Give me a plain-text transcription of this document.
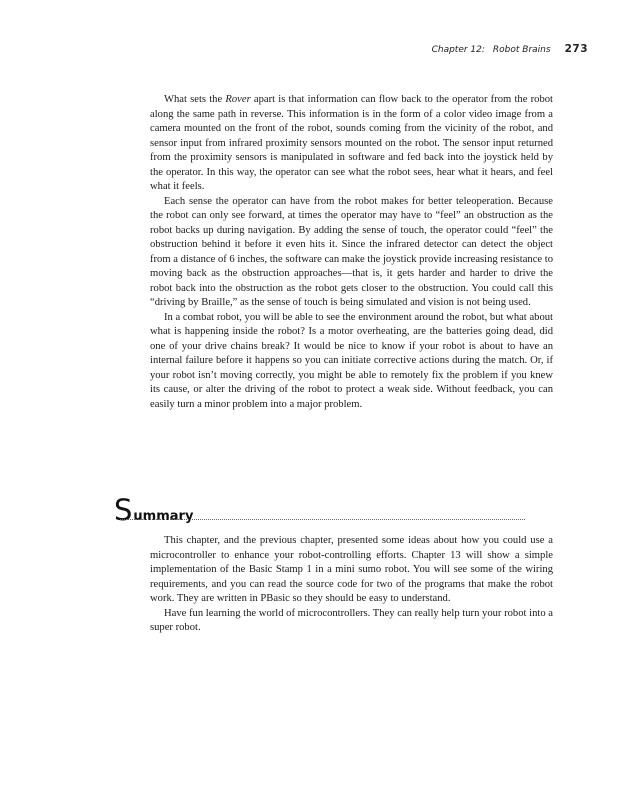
Chapter 12: Robot Brains 273

What sets the Rover apart is that information can flow back to the operator from the robot along the same path in reverse. This information is in the form of a color video image from a camera mounted on the front of the robot, sounds coming from the vicinity of the robot, and sensor input from infrared proximity sensors mounted on the robot. The sensor input returned from the proximity sensors is manipulated in software and fed back into the joystick held by the operator. In this way, the operator can see what the robot sees, hear what it hears, and feel what it feels.

Each sense the operator can have from the robot makes for better teleoperation. Because the robot can only see forward, at times the operator may have to “feel” an obstruction as the robot backs up during navigation. By adding the sense of touch, the operator could “feel” the obstruction behind it before it even hits it. Since the infrared detector can detect the object from a distance of 6 inches, the software can make the joystick provide increasing resistance to moving back as the obstruction approaches—that is, it gets harder and harder to drive the robot back into the obstruction as the robot gets closer to the obstruction. You could call this “driving by Braille,” as the sense of touch is being simulated and vision is not being used.

In a combat robot, you will be able to see the environment around the robot, but what about what is happening inside the robot? Is a motor overheating, are the batteries going dead, did one of your drive chains break? It would be nice to know if your robot is about to have an internal failure before it happens so you can initiate corrective actions during the match. Or, if your robot isn’t moving correctly, you might be able to remotely fix the problem if you knew its cause, or alter the driving of the robot to protect a weak side. Without feedback, you can easily turn a minor problem into a major problem.

S ummary

This chapter, and the previous chapter, presented some ideas about how you could use a microcontroller to enhance your robot-controlling efforts. Chapter 13 will show a simple implementation of the Basic Stamp 1 in a mini sumo robot. You will see some of the wiring requirements, and you can read the source code for two of the programs that make the robot work. They are written in PBasic so they should be easy to understand.

Have fun learning the world of microcontrollers. They can really help turn your robot into a super robot.
